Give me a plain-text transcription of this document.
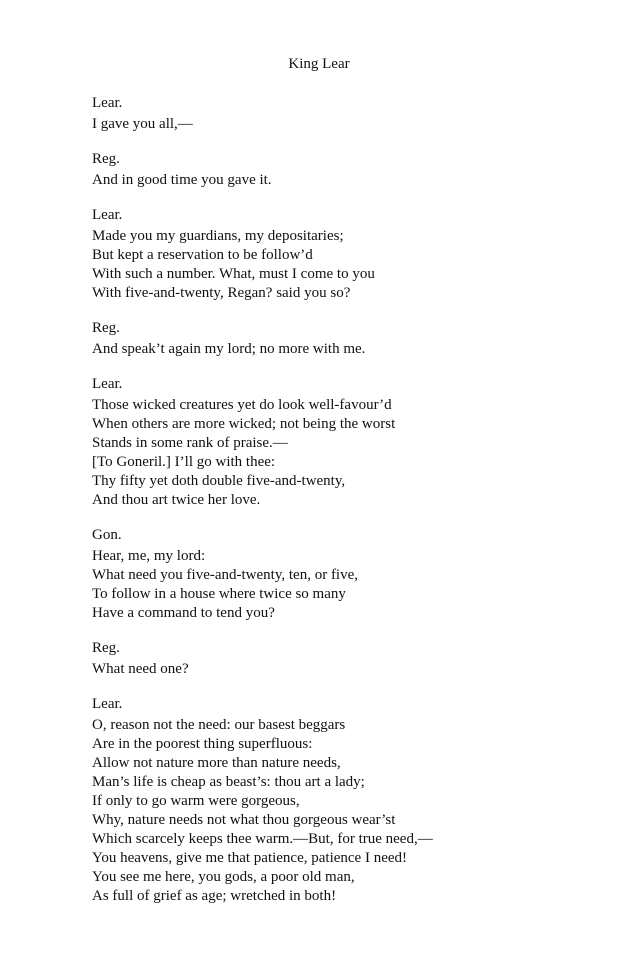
King Lear
Lear.
I gave you all,—
Reg.
And in good time you gave it.
Lear.
Made you my guardians, my depositaries;
But kept a reservation to be follow’d
With such a number. What, must I come to you
With five-and-twenty, Regan? said you so?
Reg.
And speak’t again my lord; no more with me.
Lear.
Those wicked creatures yet do look well-favour’d
When others are more wicked; not being the worst
Stands in some rank of praise.—
[To Goneril.] I’ll go with thee:
Thy fifty yet doth double five-and-twenty,
And thou art twice her love.
Gon.
Hear, me, my lord:
What need you five-and-twenty, ten, or five,
To follow in a house where twice so many
Have a command to tend you?
Reg.
What need one?
Lear.
O, reason not the need: our basest beggars
Are in the poorest thing superfluous:
Allow not nature more than nature needs,
Man’s life is cheap as beast’s: thou art a lady;
If only to go warm were gorgeous,
Why, nature needs not what thou gorgeous wear’st
Which scarcely keeps thee warm.—But, for true need,—
You heavens, give me that patience, patience I need!
You see me here, you gods, a poor old man,
As full of grief as age; wretched in both!
